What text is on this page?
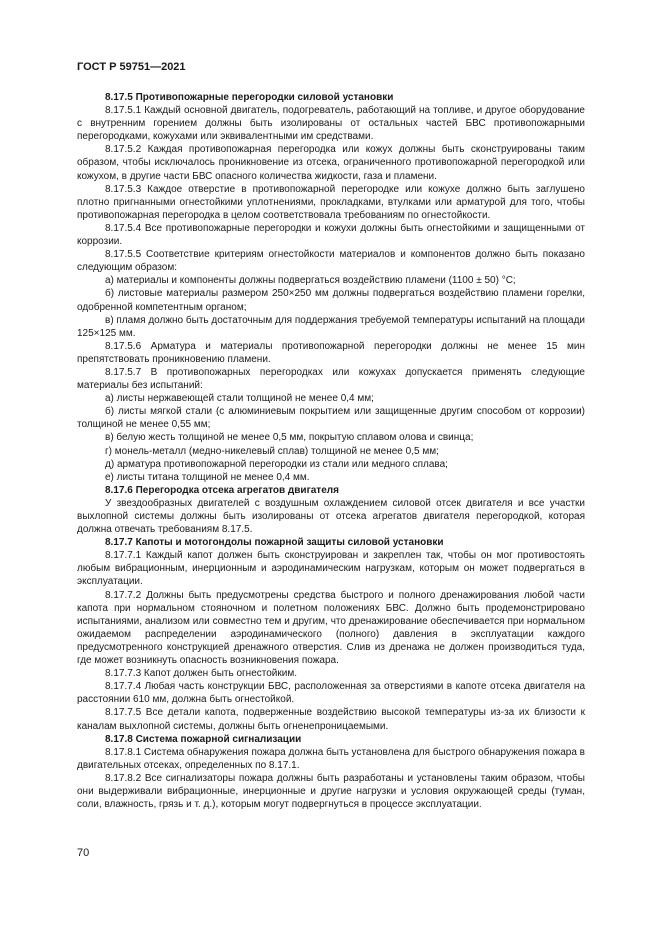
ГОСТ Р 59751—2021

8.17.5 Противопожарные перегородки силовой установки

8.17.5.1 Каждый основной двигатель, подогреватель, работающий на топливе, и другое оборудование с внутренним горением должны быть изолированы от остальных частей БВС противопожарными перегородками, кожухами или эквивалентными им средствами.

8.17.5.2 Каждая противопожарная перегородка или кожух должны быть сконструированы таким образом, чтобы исключалось проникновение из отсека, ограниченного противопожарной перегородкой или кожухом, в другие части БВС опасного количества жидкости, газа и пламени.

8.17.5.3 Каждое отверстие в противопожарной перегородке или кожухе должно быть заглушено плотно пригнанными огнестойкими уплотнениями, прокладками, втулками или арматурой для того, чтобы противопожарная перегородка в целом соответствовала требованиям по огнестойкости.

8.17.5.4 Все противопожарные перегородки и кожухи должны быть огнестойкими и защищенными от коррозии.

8.17.5.5 Соответствие критериям огнестойкости материалов и компонентов должно быть показано следующим образом:

а) материалы и компоненты должны подвергаться воздействию пламени (1100 ± 50) °С;

б) листовые материалы размером 250×250 мм должны подвергаться воздействию пламени горелки, одобренной компетентным органом;

в) пламя должно быть достаточным для поддержания требуемой температуры испытаний на площади 125×125 мм.

8.17.5.6 Арматура и материалы противопожарной перегородки должны не менее 15 мин препятствовать проникновению пламени.

8.17.5.7 В противопожарных перегородках или кожухах допускается применять следующие материалы без испытаний:

а) листы нержавеющей стали толщиной не менее 0,4 мм;

б) листы мягкой стали (с алюминиевым покрытием или защищенные другим способом от коррозии) толщиной не менее 0,55 мм;

в) белую жесть толщиной не менее 0,5 мм, покрытую сплавом олова и свинца;

г) монель-металл (медно-никелевый сплав) толщиной не менее 0,5 мм;

д) арматура противопожарной перегородки из стали или медного сплава;

е) листы титана толщиной не менее 0,4 мм.

8.17.6 Перегородка отсека агрегатов двигателя

У звездообразных двигателей с воздушным охлаждением силовой отсек двигателя и все участки выхлопной системы должны быть изолированы от отсека агрегатов двигателя перегородкой, которая должна отвечать требованиям 8.17.5.

8.17.7 Капоты и мотогондолы пожарной защиты силовой установки

8.17.7.1 Каждый капот должен быть сконструирован и закреплен так, чтобы он мог противостоять любым вибрационным, инерционным и аэродинамическим нагрузкам, которым он может подвергаться в эксплуатации.

8.17.7.2 Должны быть предусмотрены средства быстрого и полного дренажирования любой части капота при нормальном стояночном и полетном положениях БВС. Должно быть продемонстрировано испытаниями, анализом или совместно тем и другим, что дренажирование обеспечивается при нормальном ожидаемом распределении аэродинамического (полного) давления в эксплуатации каждого предусмотренного конструкцией дренажного отверстия. Слив из дренажа не должен производиться туда, где может возникнуть опасность возникновения пожара.

8.17.7.3 Капот должен быть огнестойким.

8.17.7.4 Любая часть конструкции БВС, расположенная за отверстиями в капоте отсека двигателя на расстоянии 610 мм, должна быть огнестойкой.

8.17.7.5 Все детали капота, подверженные воздействию высокой температуры из-за их близости к каналам выхлопной системы, должны быть огненепроницаемыми.

8.17.8 Система пожарной сигнализации

8.17.8.1 Система обнаружения пожара должна быть установлена для быстрого обнаружения пожара в двигательных отсеках, определенных по 8.17.1.

8.17.8.2 Все сигнализаторы пожара должны быть разработаны и установлены таким образом, чтобы они выдерживали вибрационные, инерционные и другие нагрузки и условия окружающей среды (туман, соли, влажность, грязь и т. д.), которым могут подвергнуться в процессе эксплуатации.

70
